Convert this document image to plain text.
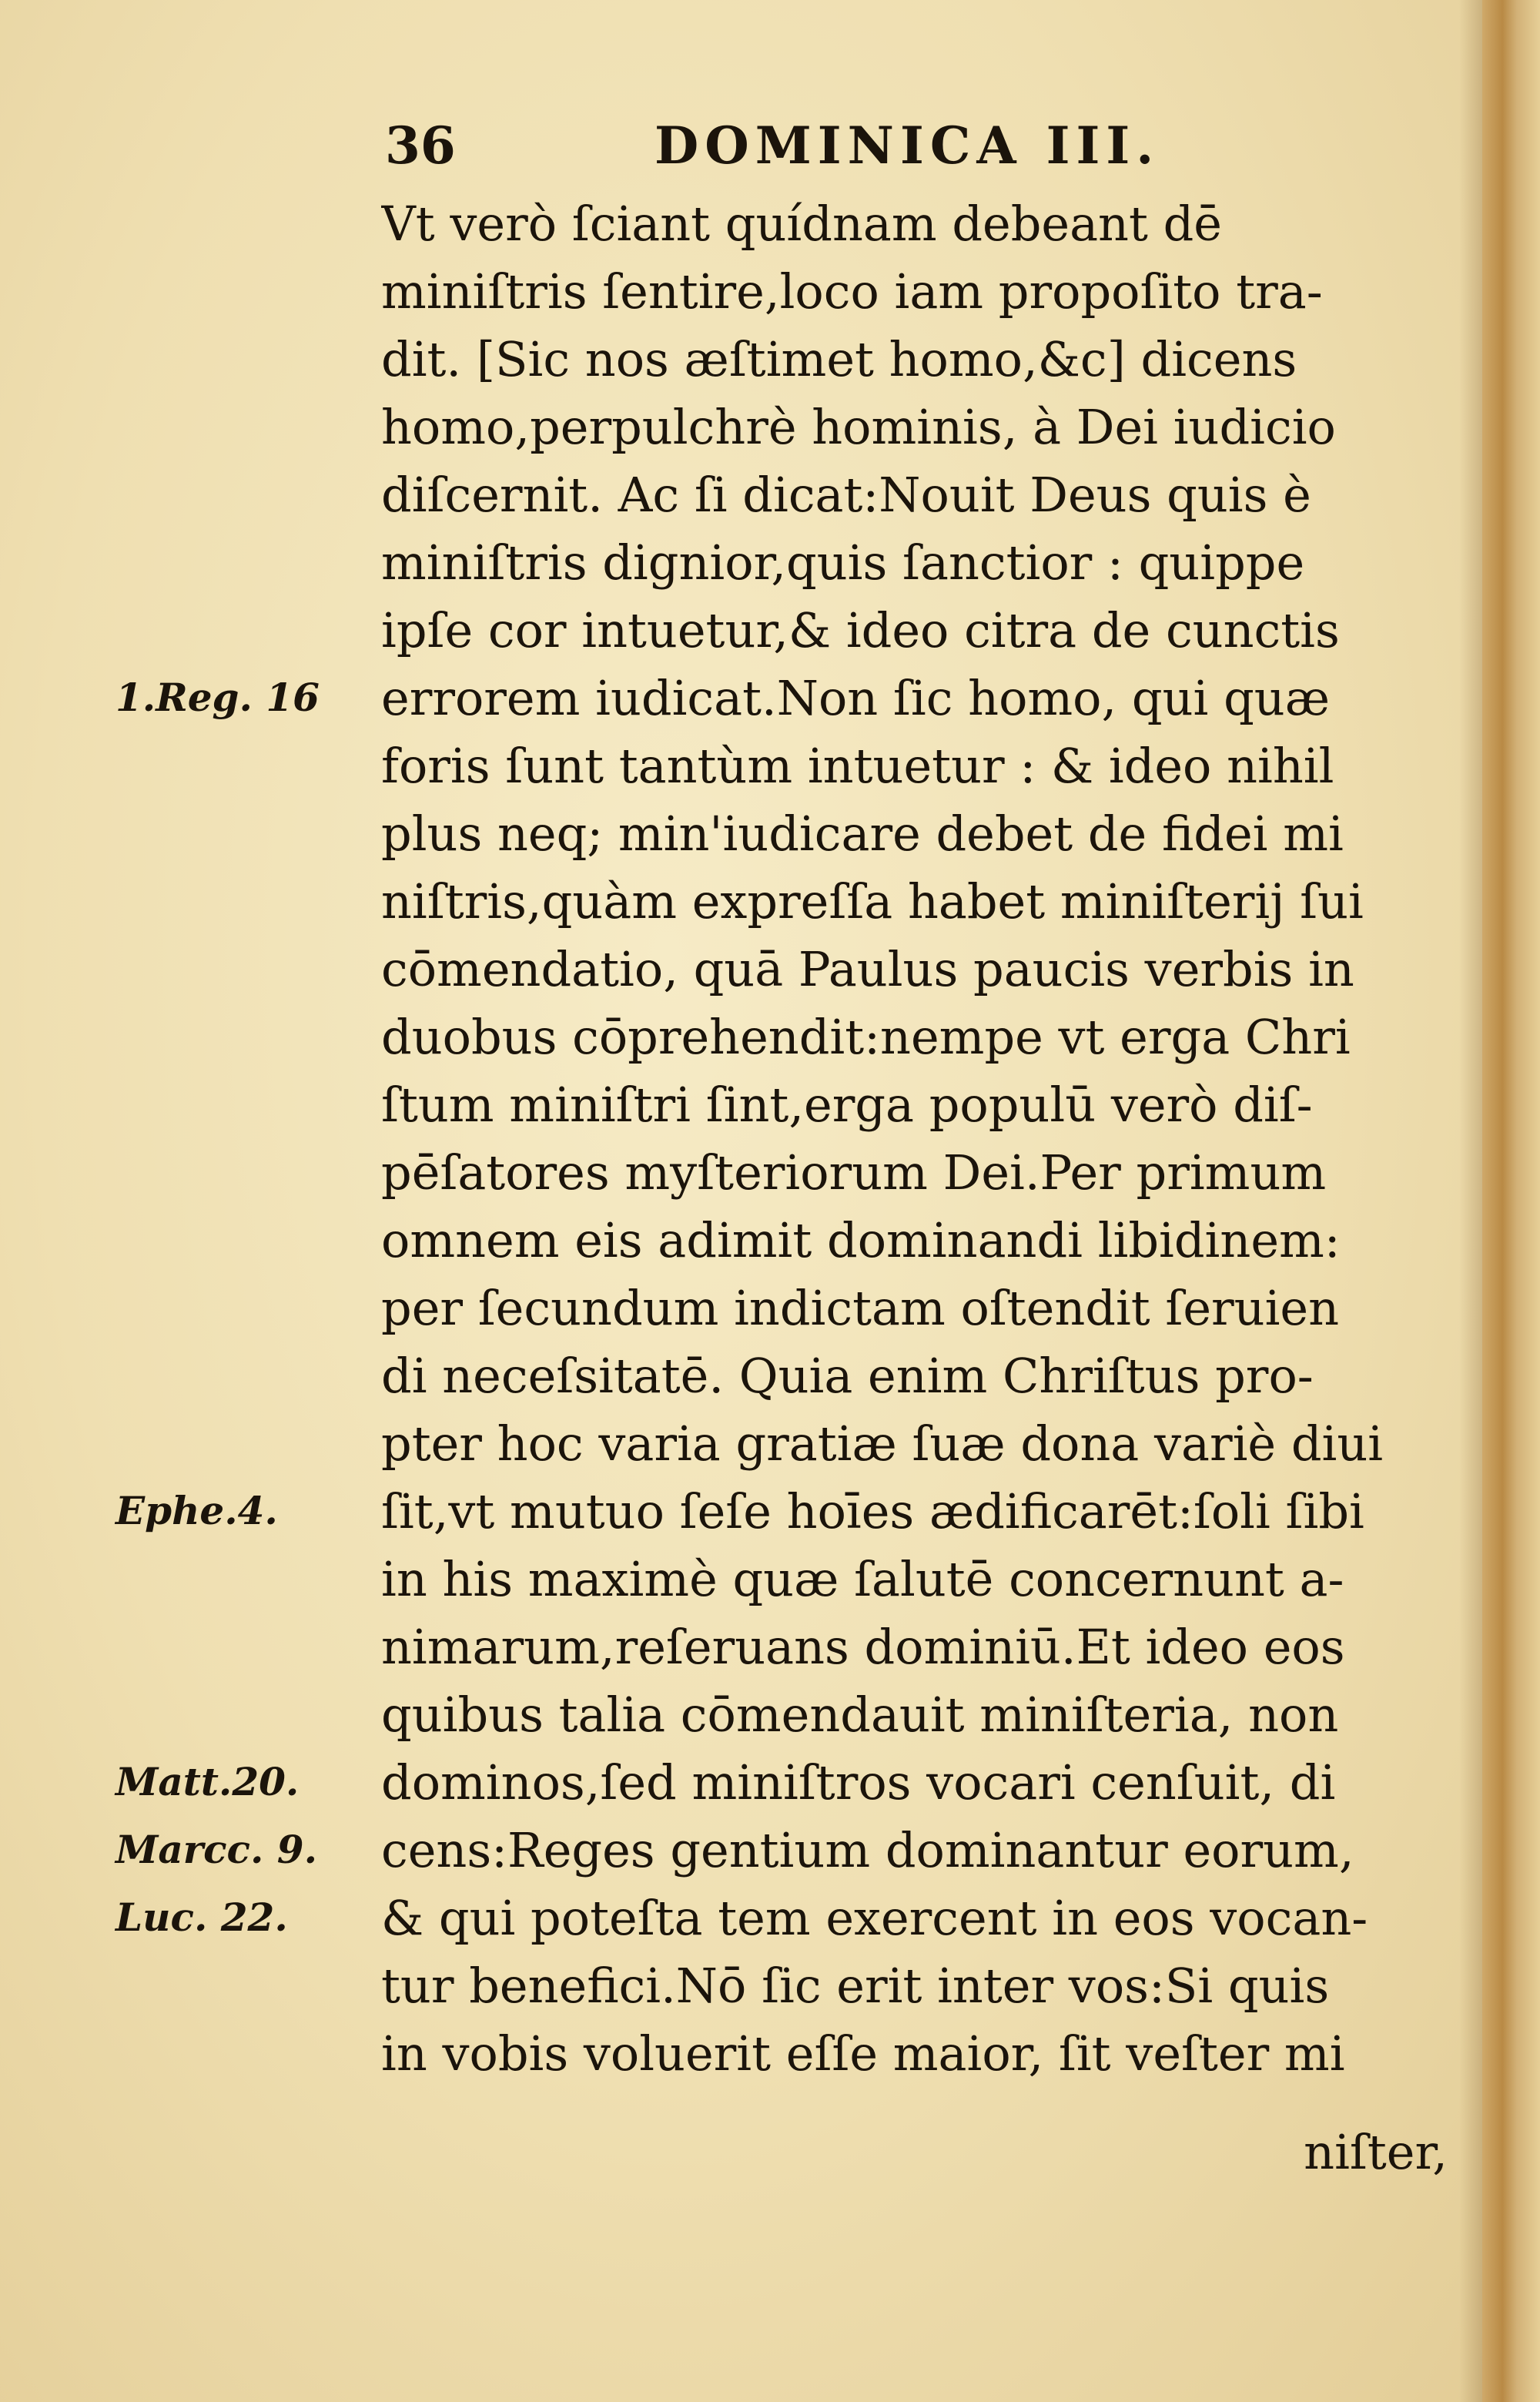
36	DOMINICA III.
Vt verò ſciant quídnam debeant dē
miniſtris ſentire,loco iam propoſito tra-
dit. [Sic nos æſtimet homo,&c] dicens
homo,perpulchrè hominis, à Dei iudicio
diſcernit. Ac ſi dicat:Nouit Deus quis è
miniſtris dignior,quis ſanctior : quippe
ipſe cor intuetur,& ideo citra de cunctis
errorem iudicat.Non ſic homo, qui quæ
foris ſunt tantùm intuetur : & ideo nihil
plus neq; min'iudicare debet de fidei mi
niſtris,quàm expreſſa habet miniſterij ſui
cōmendatio, quā Paulus paucis verbis in
duobus cōprehendit:nempe vt erga Chri
ſtum miniſtri ſint,erga populū verò diſ-
pēſatores myſteriorum Dei.Per primum
omnem eis adimit dominandi libidinem:
per ſecundum indictam oſtendit ſeruien
di neceſsitatē. Quia enim Chriſtus pro-
pter hoc varia gratiæ ſuæ dona variè diui
ſit,vt mutuo ſeſe hoīes ædificarēt:ſoli ſibi
in his maximè quæ ſalutē concernunt a-
nimarum,reſeruans dominiū.Et ideo eos
quibus talia cōmendauit miniſteria, non
dominos,ſed miniſtros vocari cenſuit, di
cens:Reges gentium dominantur eorum,
& qui poteſta tem exercent in eos vocan-
tur benefici.Nō ſic erit inter vos:Si quis
in vobis voluerit eſſe maior, ſit veſter mi
niſter,
1.Reg. 16
Ephe.4.
Matt.20.
Marcc. 9.
Luc. 22.
